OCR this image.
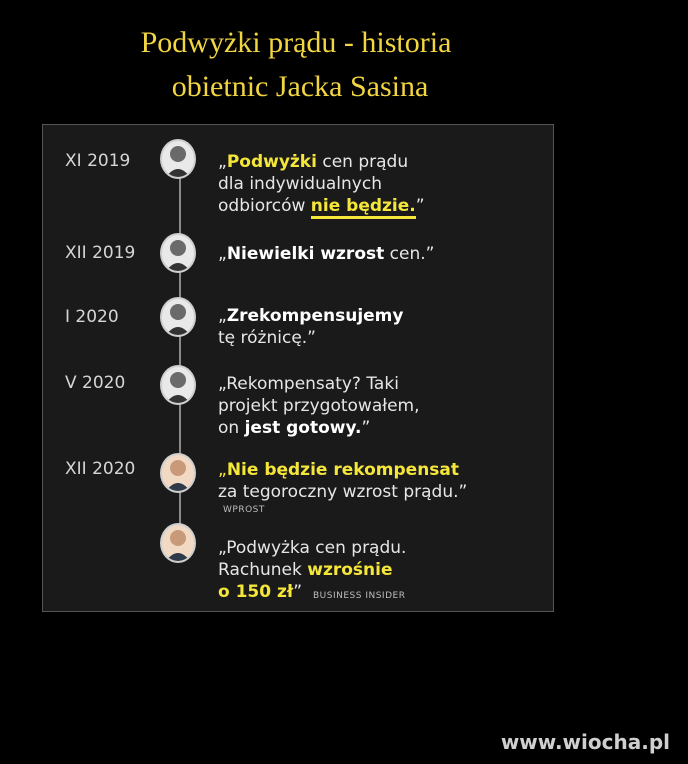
Podwyżki prądu - historia
obietnic Jacka Sasina
XI 2019	„Podwyżki cen prądu
dla indywidualnych
odbiorców nie będzie.”
XII 2019	„Niewielki wzrost cen.”
I 2020	„Zrekompensujemy
tę różnicę.”
V 2020	„Rekompensaty? Taki
projekt przygotowałem,
on jest gotowy.”
XII 2020	„Nie będzie rekompensat
za tegoroczny wzrost prądu.”
WPROST
„Podwyżka cen prądu.
Rachunek wzrośnie
o 150 zł”	BUSINESS INSIDER
www.wiocha.pl
